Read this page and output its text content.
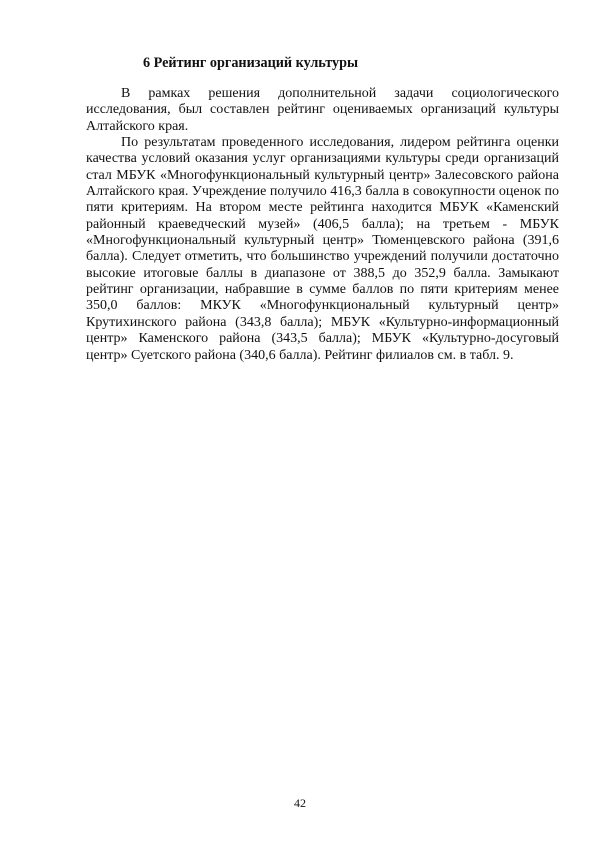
6 Рейтинг организаций культуры

В рамках решения дополнительной задачи социологического исследования, был составлен рейтинг оцениваемых организаций культуры Алтайского края.

По результатам проведенного исследования, лидером рейтинга оценки качества условий оказания услуг организациями культуры среди организаций стал МБУК «Многофункциональный культурный центр» Залесовского района Алтайского края. Учреждение получило 416,3 балла в совокупности оценок по пяти критериям. На втором месте рейтинга находится МБУК «Каменский районный краеведческий музей» (406,5 балла); на третьем - МБУК «Многофункциональный культурный центр» Тюменцевского района (391,6 балла). Следует отметить, что большинство учреждений получили достаточно высокие итоговые баллы в диапазоне от 388,5 до 352,9 балла. Замыкают рейтинг организации, набравшие в сумме баллов по пяти критериям менее 350,0 баллов: МКУК «Многофункциональный культурный центр» Крутихинского района (343,8 балла); МБУК «Культурно-информационный центр» Каменского района (343,5 балла); МБУК «Культурно-досуговый центр» Суетского района (340,6 балла). Рейтинг филиалов см. в табл. 9.

42
